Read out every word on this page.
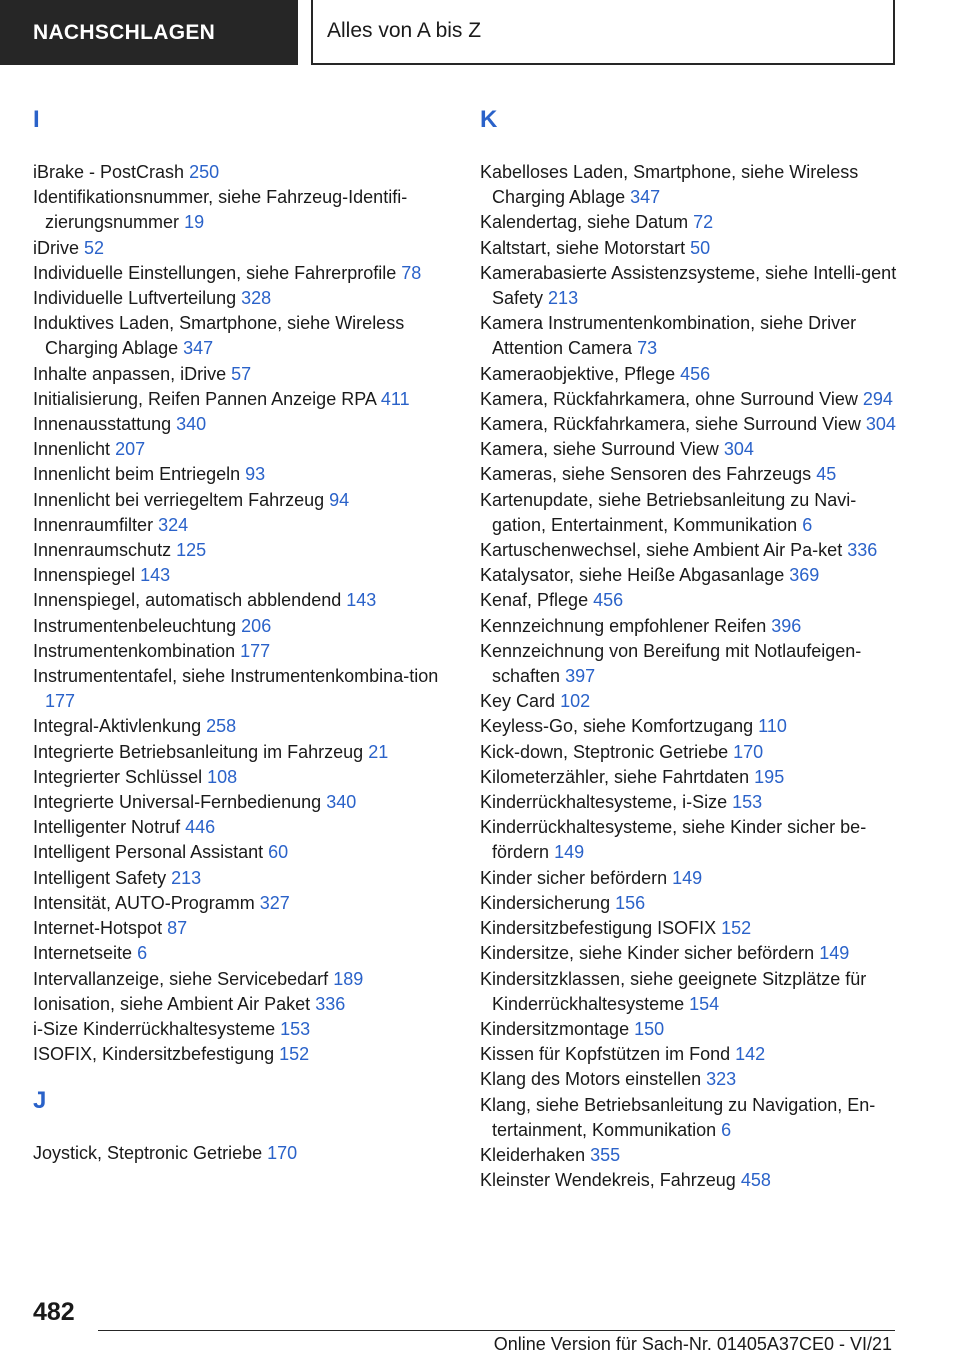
NACHSCHLAGEN	Alles von A bis Z
I
iBrake - PostCrash 250
Identifikationsnummer, siehe Fahrzeug-Identifi-zierungsnummer 19
iDrive 52
Individuelle Einstellungen, siehe Fahrerprofile 78
Individuelle Luftverteilung 328
Induktives Laden, Smartphone, siehe Wireless Charging Ablage 347
Inhalte anpassen, iDrive 57
Initialisierung, Reifen Pannen Anzeige RPA 411
Innenausstattung 340
Innenlicht 207
Innenlicht beim Entriegeln 93
Innenlicht bei verriegeltem Fahrzeug 94
Innenraumfilter 324
Innenraumschutz 125
Innenspiegel 143
Innenspiegel, automatisch abblendend 143
Instrumentenbeleuchtung 206
Instrumentenkombination 177
Instrumententafel, siehe Instrumentenkombina-tion 177
Integral-Aktivlenkung 258
Integrierte Betriebsanleitung im Fahrzeug 21
Integrierter Schlüssel 108
Integrierte Universal-Fernbedienung 340
Intelligenter Notruf 446
Intelligent Personal Assistant 60
Intelligent Safety 213
Intensität, AUTO-Programm 327
Internet-Hotspot 87
Internetseite 6
Intervallanzeige, siehe Servicebedarf 189
Ionisation, siehe Ambient Air Paket 336
i-Size Kinderrückhaltesysteme 153
ISOFIX, Kindersitzbefestigung 152
J
Joystick, Steptronic Getriebe 170
K
Kabelloses Laden, Smartphone, siehe Wireless Charging Ablage 347
Kalendertag, siehe Datum 72
Kaltstart, siehe Motorstart 50
Kamerabasierte Assistenzsysteme, siehe Intelli-gent Safety 213
Kamera Instrumentenkombination, siehe Driver Attention Camera 73
Kameraobjektive, Pflege 456
Kamera, Rückfahrkamera, ohne Surround View 294
Kamera, Rückfahrkamera, siehe Surround View 304
Kamera, siehe Surround View 304
Kameras, siehe Sensoren des Fahrzeugs 45
Kartenupdate, siehe Betriebsanleitung zu Navi-gation, Entertainment, Kommunikation 6
Kartuschenwechsel, siehe Ambient Air Pa-ket 336
Katalysator, siehe Heiße Abgasanlage 369
Kenaf, Pflege 456
Kennzeichnung empfohlener Reifen 396
Kennzeichnung von Bereifung mit Notlaufeigen-schaften 397
Key Card 102
Keyless-Go, siehe Komfortzugang 110
Kick-down, Steptronic Getriebe 170
Kilometerzähler, siehe Fahrtdaten 195
Kinderrückhaltesysteme, i-Size 153
Kinderrückhaltesysteme, siehe Kinder sicher be-fördern 149
Kinder sicher befördern 149
Kindersicherung 156
Kindersitzbefestigung ISOFIX 152
Kindersitze, siehe Kinder sicher befördern 149
Kindersitzklassen, siehe geeignete Sitzplätze für Kinderrückhaltesysteme 154
Kindersitzmontage 150
Kissen für Kopfstützen im Fond 142
Klang des Motors einstellen 323
Klang, siehe Betriebsanleitung zu Navigation, En-tertainment, Kommunikation 6
Kleiderhaken 355
Kleinster Wendekreis, Fahrzeug 458
482
Online Version für Sach-Nr. 01405A37CE0 - VI/21
